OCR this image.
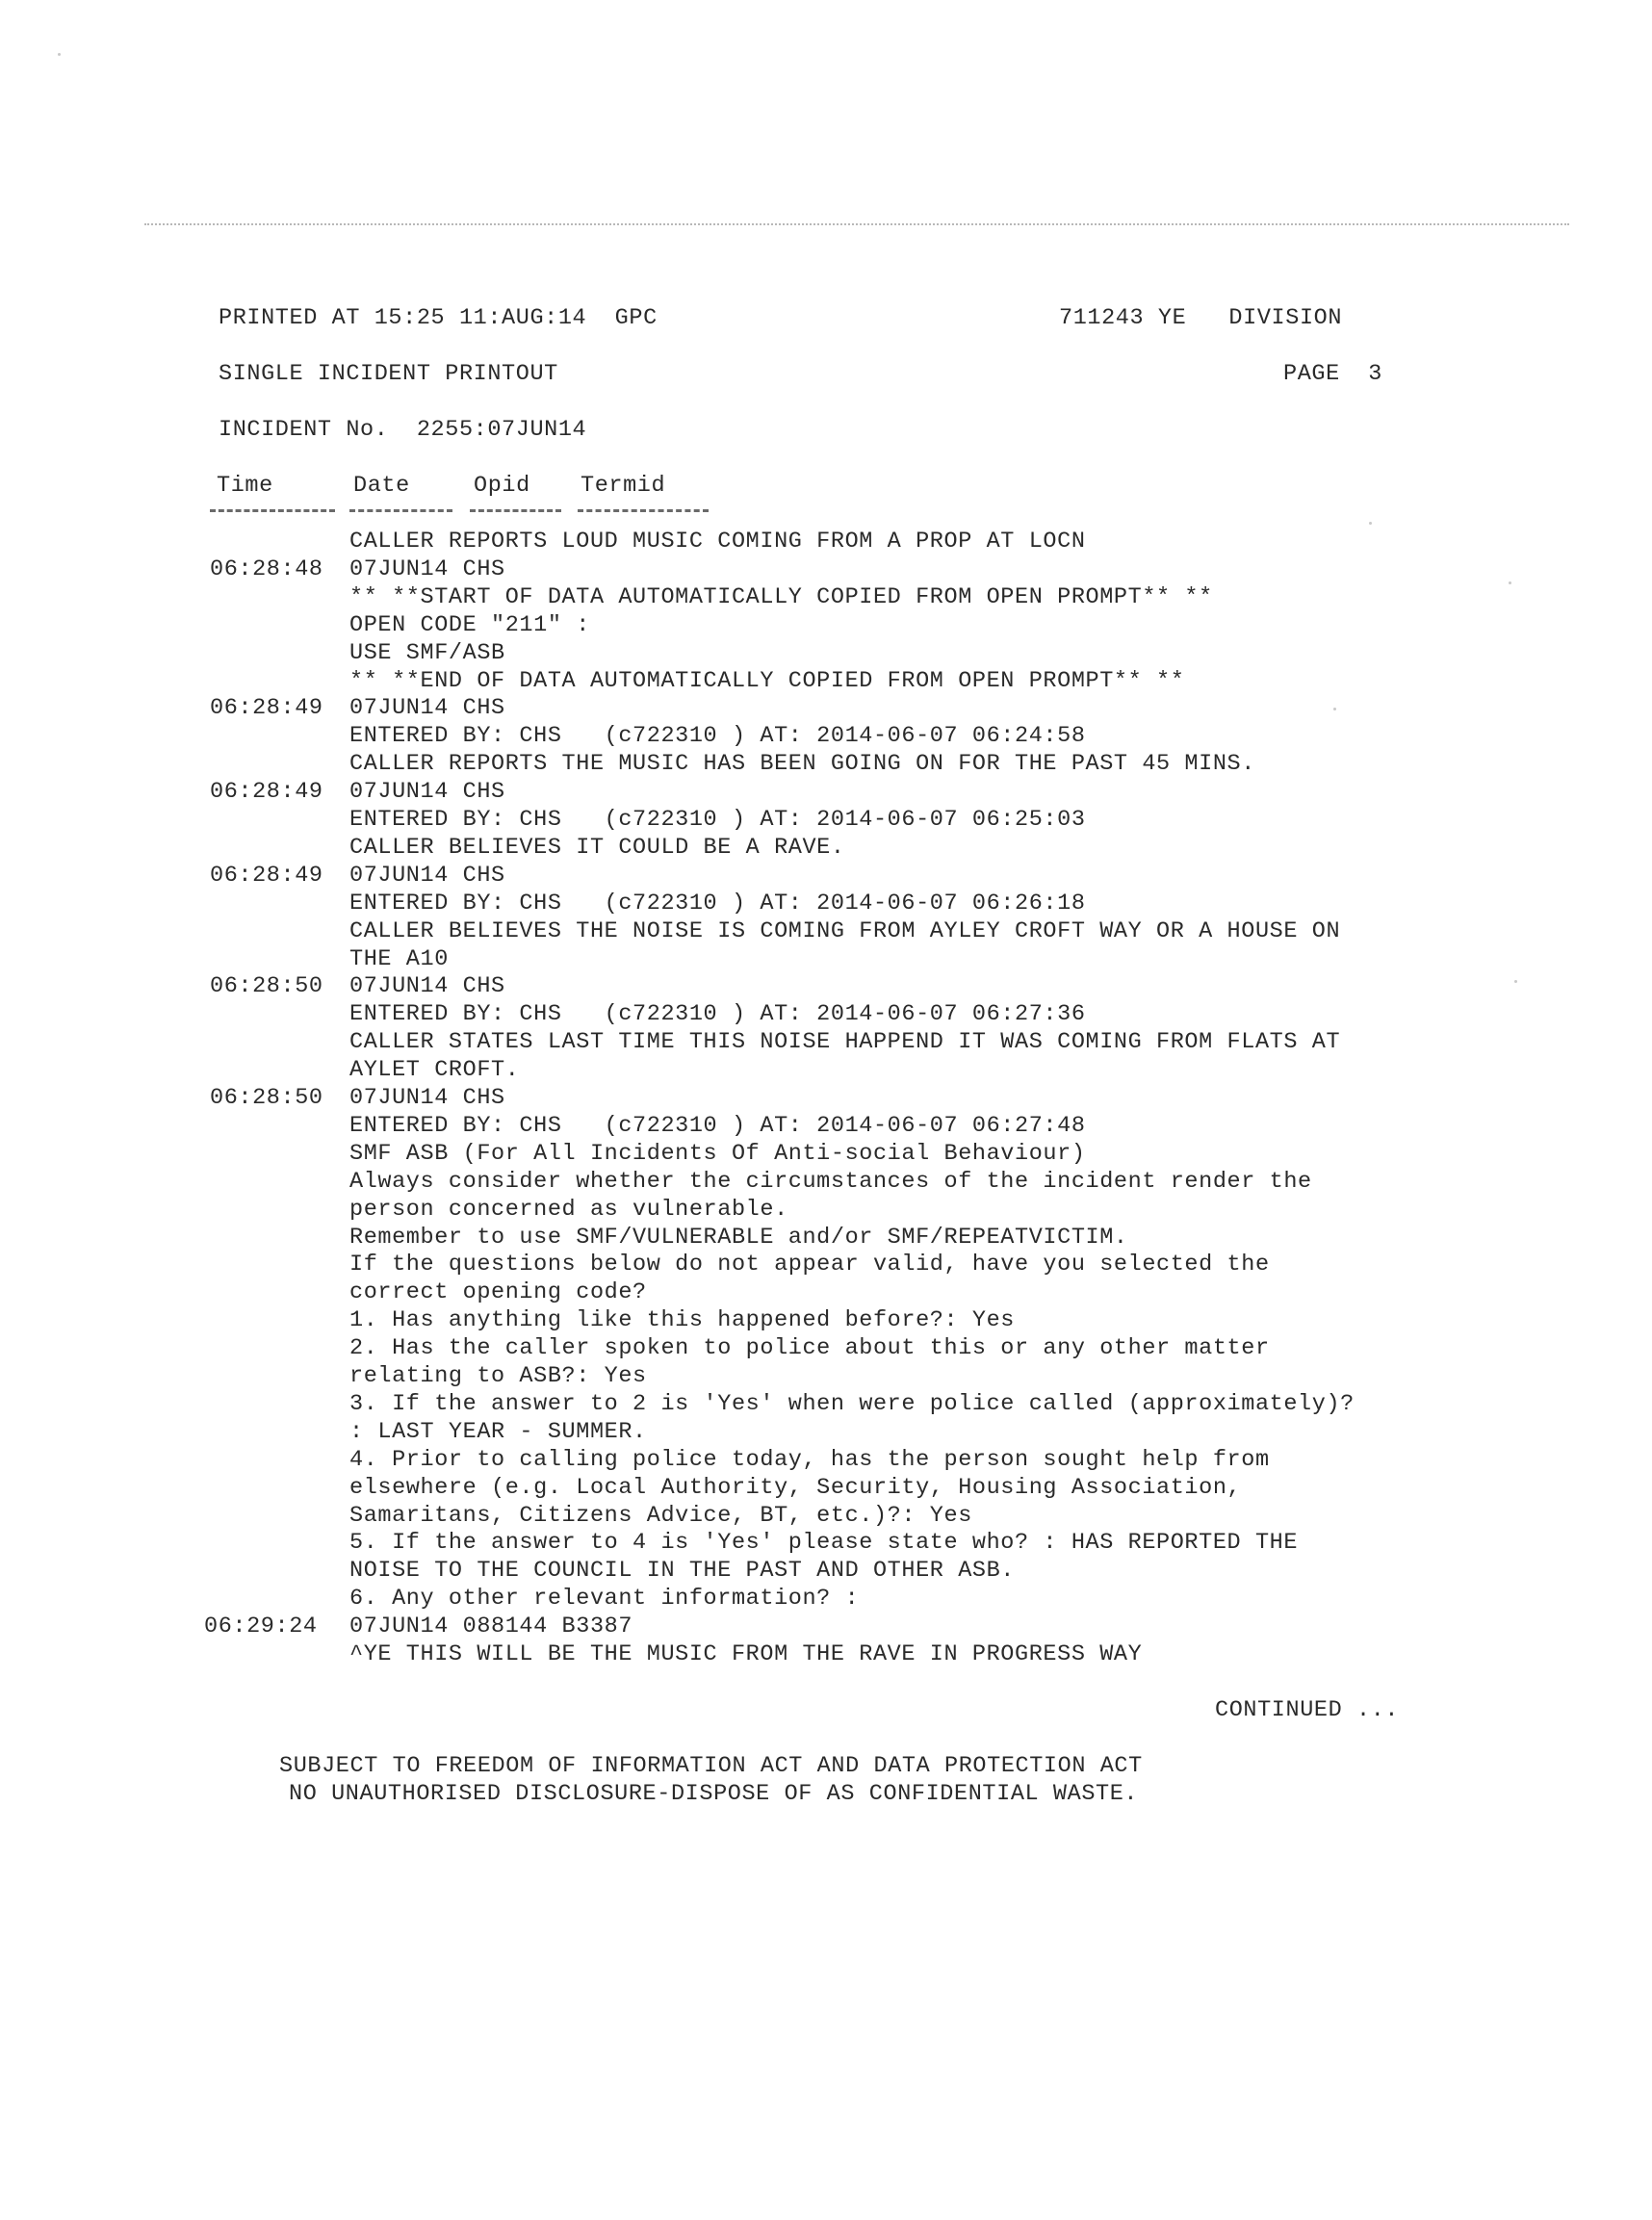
PRINTED AT 15:25 11:AUG:14  GPC	711243 YE   DIVISION
SINGLE INCIDENT PRINTOUT	PAGE  3
INCIDENT No.  2255:07JUN14
Time	Date	Opid Termid
CALLER REPORTS LOUD MUSIC COMING FROM A PROP AT LOCN
06:28:48 07JUN14 CHS
** **START OF DATA AUTOMATICALLY COPIED FROM OPEN PROMPT** **
OPEN CODE "211" :
USE SMF/ASB
** **END OF DATA AUTOMATICALLY COPIED FROM OPEN PROMPT** **
06:28:49 07JUN14 CHS
ENTERED BY: CHS   (c722310 ) AT: 2014-06-07 06:24:58
CALLER REPORTS THE MUSIC HAS BEEN GOING ON FOR THE PAST 45 MINS.
06:28:49 07JUN14 CHS
ENTERED BY: CHS   (c722310 ) AT: 2014-06-07 06:25:03
CALLER BELIEVES IT COULD BE A RAVE.
06:28:49 07JUN14 CHS
ENTERED BY: CHS   (c722310 ) AT: 2014-06-07 06:26:18
CALLER BELIEVES THE NOISE IS COMING FROM AYLEY CROFT WAY OR A HOUSE ON
THE A10
06:28:50 07JUN14 CHS
ENTERED BY: CHS   (c722310 ) AT: 2014-06-07 06:27:36
CALLER STATES LAST TIME THIS NOISE HAPPEND IT WAS COMING FROM FLATS AT
AYLET CROFT.
06:28:50 07JUN14 CHS
ENTERED BY: CHS   (c722310 ) AT: 2014-06-07 06:27:48
SMF ASB (For All Incidents Of Anti-social Behaviour)
Always consider whether the circumstances of the incident render the
person concerned as vulnerable.
Remember to use SMF/VULNERABLE and/or SMF/REPEATVICTIM.
If the questions below do not appear valid, have you selected the
correct opening code?
1. Has anything like this happened before?: Yes
2. Has the caller spoken to police about this or any other matter
relating to ASB?: Yes
3. If the answer to 2 is 'Yes' when were police called (approximately)?
: LAST YEAR - SUMMER.
4. Prior to calling police today, has the person sought help from
elsewhere (e.g. Local Authority, Security, Housing Association,
Samaritans, Citizens Advice, BT, etc.)?: Yes
5. If the answer to 4 is 'Yes' please state who? : HAS REPORTED THE
NOISE TO THE COUNCIL IN THE PAST AND OTHER ASB.
6. Any other relevant information? :
06:29:24 07JUN14 088144 B3387
^YE THIS WILL BE THE MUSIC FROM THE RAVE IN PROGRESS WAY
CONTINUED ...
SUBJECT TO FREEDOM OF INFORMATION ACT AND DATA PROTECTION ACT
NO UNAUTHORISED DISCLOSURE-DISPOSE OF AS CONFIDENTIAL WASTE.
